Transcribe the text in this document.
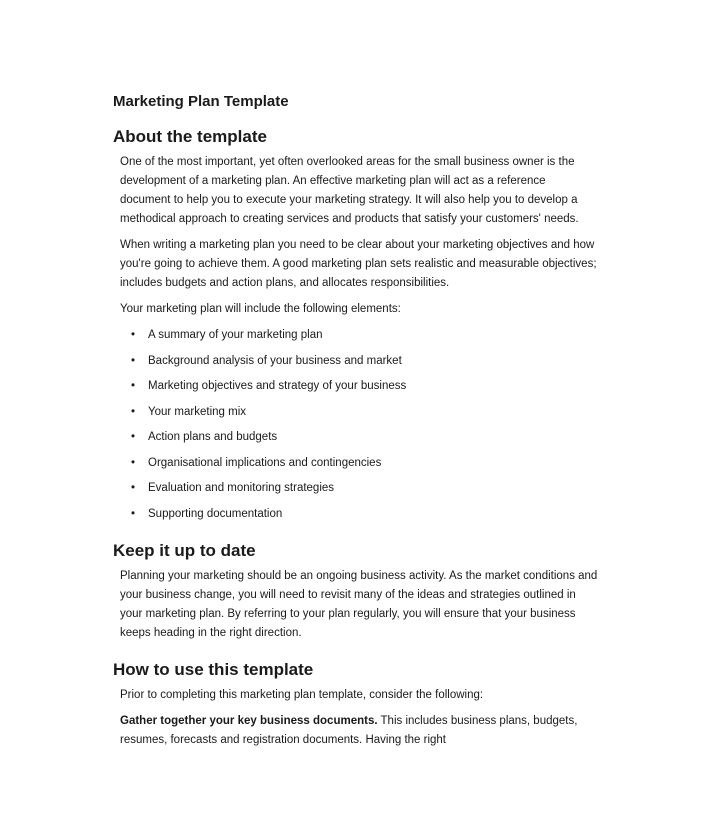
Marketing Plan Template
About the template

One of the most important, yet often overlooked areas for the small business owner is the development of a marketing plan. An effective marketing plan will act as a reference document to help you to execute your marketing strategy. It will also help you to develop a methodical approach to creating services and products that satisfy your customers' needs.

When writing a marketing plan you need to be clear about your marketing objectives and how you're going to achieve them. A good marketing plan sets realistic and measurable objectives; includes budgets and action plans, and allocates responsibilities.

Your marketing plan will include the following elements:

• A summary of your marketing plan
• Background analysis of your business and market
• Marketing objectives and strategy of your business
• Your marketing mix
• Action plans and budgets
• Organisational implications and contingencies
• Evaluation and monitoring strategies
• Supporting documentation
Keep it up to date

Planning your marketing should be an ongoing business activity. As the market conditions and your business change, you will need to revisit many of the ideas and strategies outlined in your marketing plan. By referring to your plan regularly, you will ensure that your business keeps heading in the right direction.

How to use this template

Prior to completing this marketing plan template, consider the following:

Gather together your key business documents. This includes business plans, budgets, resumes, forecasts and registration documents. Having the right
